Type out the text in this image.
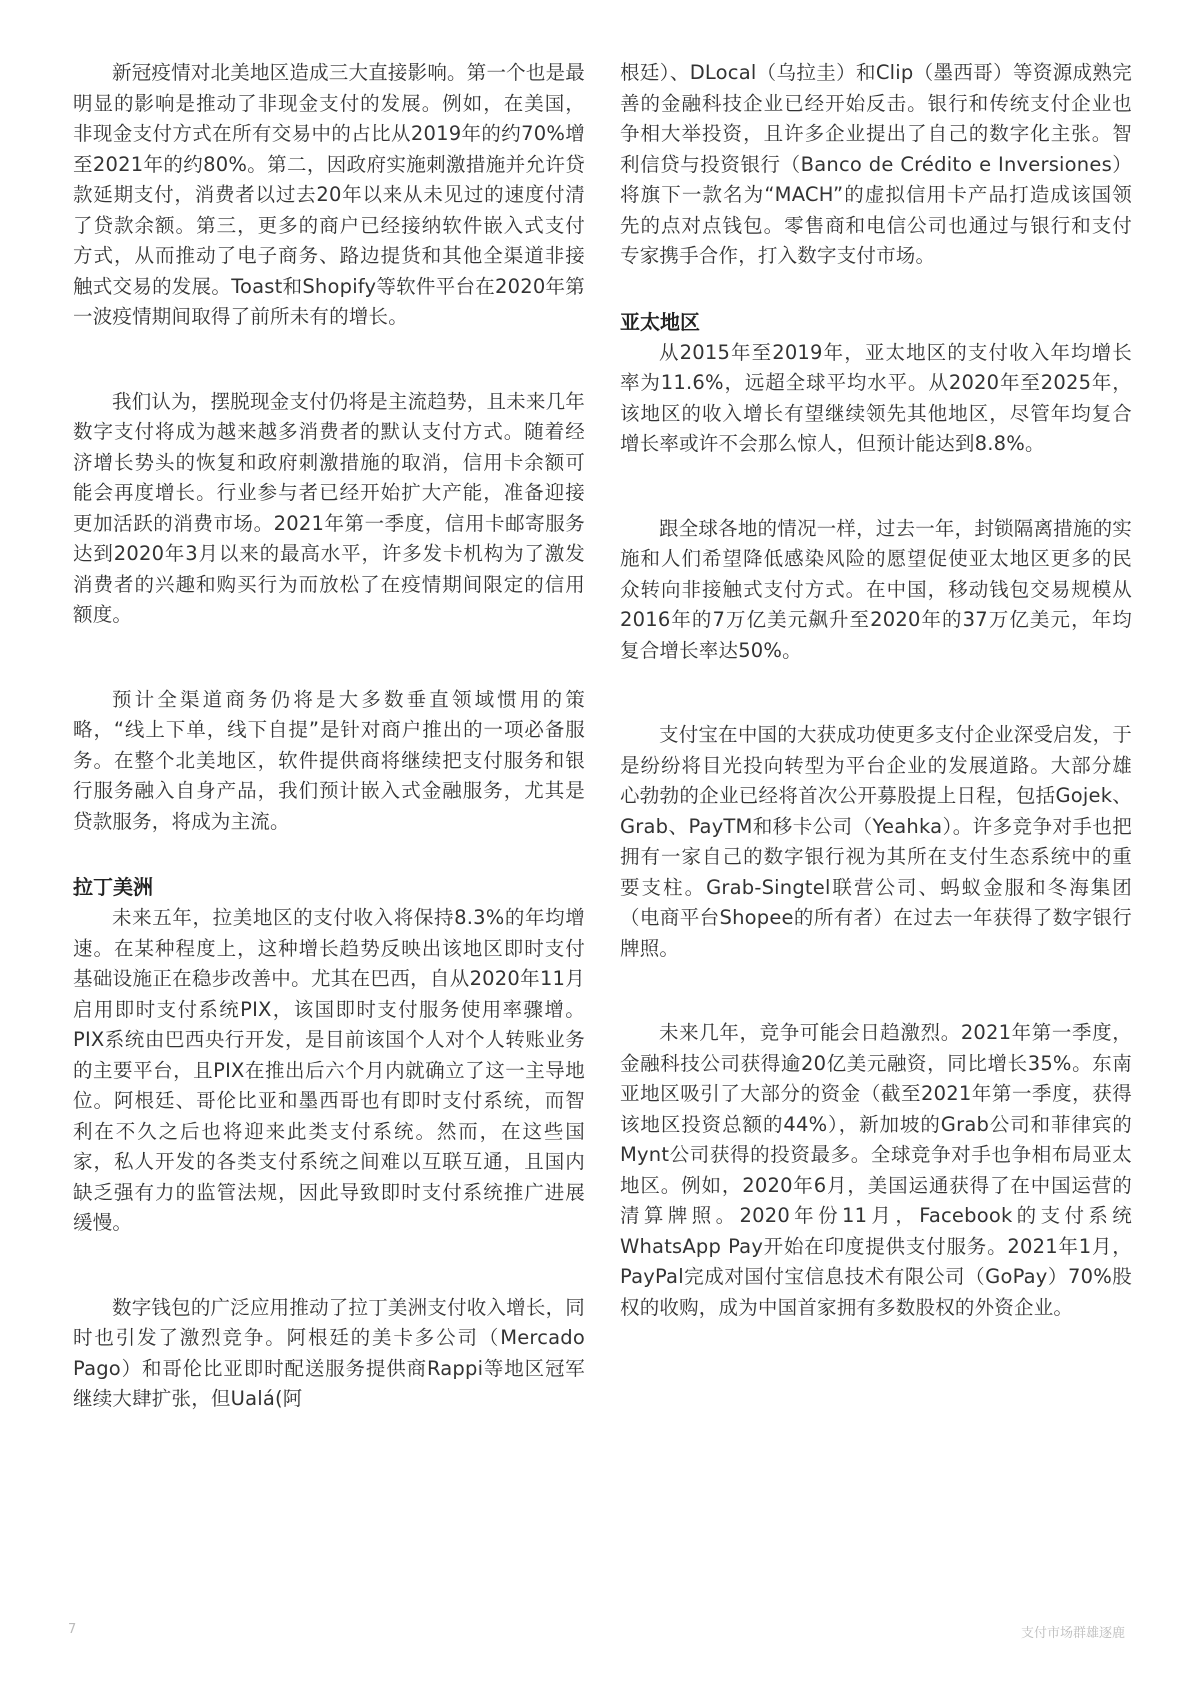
新冠疫情对北美地区造成三大直接影响。第一个也是最明显的影响是推动了非现金支付的发展。例如，在美国，非现金支付方式在所有交易中的占比从2019年的约70%增至2021年的约80%。第二，因政府实施刺激措施并允许贷款延期支付，消费者以过去20年以来从未见过的速度付清了贷款余额。第三，更多的商户已经接纳软件嵌入式支付方式，从而推动了电子商务、路边提货和其他全渠道非接触式交易的发展。Toast和Shopify等软件平台在2020年第一波疫情期间取得了前所未有的增长。

我们认为，摆脱现金支付仍将是主流趋势，且未来几年数字支付将成为越来越多消费者的默认支付方式。随着经济增长势头的恢复和政府刺激措施的取消，信用卡余额可能会再度增长。行业参与者已经开始扩大产能，准备迎接更加活跃的消费市场。2021年第一季度，信用卡邮寄服务达到2020年3月以来的最高水平，许多发卡机构为了激发消费者的兴趣和购买行为而放松了在疫情期间限定的信用额度。

预计全渠道商务仍将是大多数垂直领域惯用的策略，“线上下单，线下自提”是针对商户推出的一项必备服务。在整个北美地区，软件提供商将继续把支付服务和银行服务融入自身产品，我们预计嵌入式金融服务，尤其是贷款服务，将成为主流。

拉丁美洲

未来五年，拉美地区的支付收入将保持8.3%的年均增速。在某种程度上，这种增长趋势反映出该地区即时支付基础设施正在稳步改善中。尤其在巴西，自从2020年11月启用即时支付系统PIX，该国即时支付服务使用率骤增。PIX系统由巴西央行开发，是目前该国个人对个人转账业务的主要平台，且PIX在推出后六个月内就确立了这一主导地位。阿根廷、哥伦比亚和墨西哥也有即时支付系统，而智利在不久之后也将迎来此类支付系统。然而，在这些国家，私人开发的各类支付系统之间难以互联互通，且国内缺乏强有力的监管法规，因此导致即时支付系统推广进展缓慢。

数字钱包的广泛应用推动了拉丁美洲支付收入增长，同时也引发了激烈竞争。阿根廷的美卡多公司（Mercado Pago）和哥伦比亚即时配送服务提供商Rappi等地区冠军继续大肆扩张，但Ualá(阿

根廷）、DLocal（乌拉圭）和Clip（墨西哥）等资源成熟完善的金融科技企业已经开始反击。银行和传统支付企业也争相大举投资，且许多企业提出了自己的数字化主张。智利信贷与投资银行（Banco de Crédito e Inversiones）将旗下一款名为“MACH”的虚拟信用卡产品打造成该国领先的点对点钱包。零售商和电信公司也通过与银行和支付专家携手合作，打入数字支付市场。

亚太地区

从2015年至2019年，亚太地区的支付收入年均增长率为11.6%，远超全球平均水平。从2020年至2025年，该地区的收入增长有望继续领先其他地区，尽管年均复合增长率或许不会那么惊人，但预计能达到8.8%。

跟全球各地的情况一样，过去一年，封锁隔离措施的实施和人们希望降低感染风险的愿望促使亚太地区更多的民众转向非接触式支付方式。在中国，移动钱包交易规模从2016年的7万亿美元飙升至2020年的37万亿美元，年均复合增长率达50%。

支付宝在中国的大获成功使更多支付企业深受启发，于是纷纷将目光投向转型为平台企业的发展道路。大部分雄心勃勃的企业已经将首次公开募股提上日程，包括Gojek、Grab、PayTM和移卡公司（Yeahka）。许多竞争对手也把拥有一家自己的数字银行视为其所在支付生态系统中的重要支柱。Grab-Singtel联营公司、蚂蚁金服和冬海集团（电商平台Shopee的所有者）在过去一年获得了数字银行牌照。

未来几年，竞争可能会日趋激烈。2021年第一季度，金融科技公司获得逾20亿美元融资，同比增长35%。东南亚地区吸引了大部分的资金（截至2021年第一季度，获得该地区投资总额的44%），新加坡的Grab公司和菲律宾的Mynt公司获得的投资最多。全球竞争对手也争相布局亚太地区。例如，2020年6月，美国运通获得了在中国运营的清算牌照。2020年份11月，Facebook的支付系统WhatsApp Pay开始在印度提供支付服务。2021年1月，PayPal完成对国付宝信息技术有限公司（GoPay）70%股权的收购，成为中国首家拥有多数股权的外资企业。

7	支付市场群雄逐鹿
